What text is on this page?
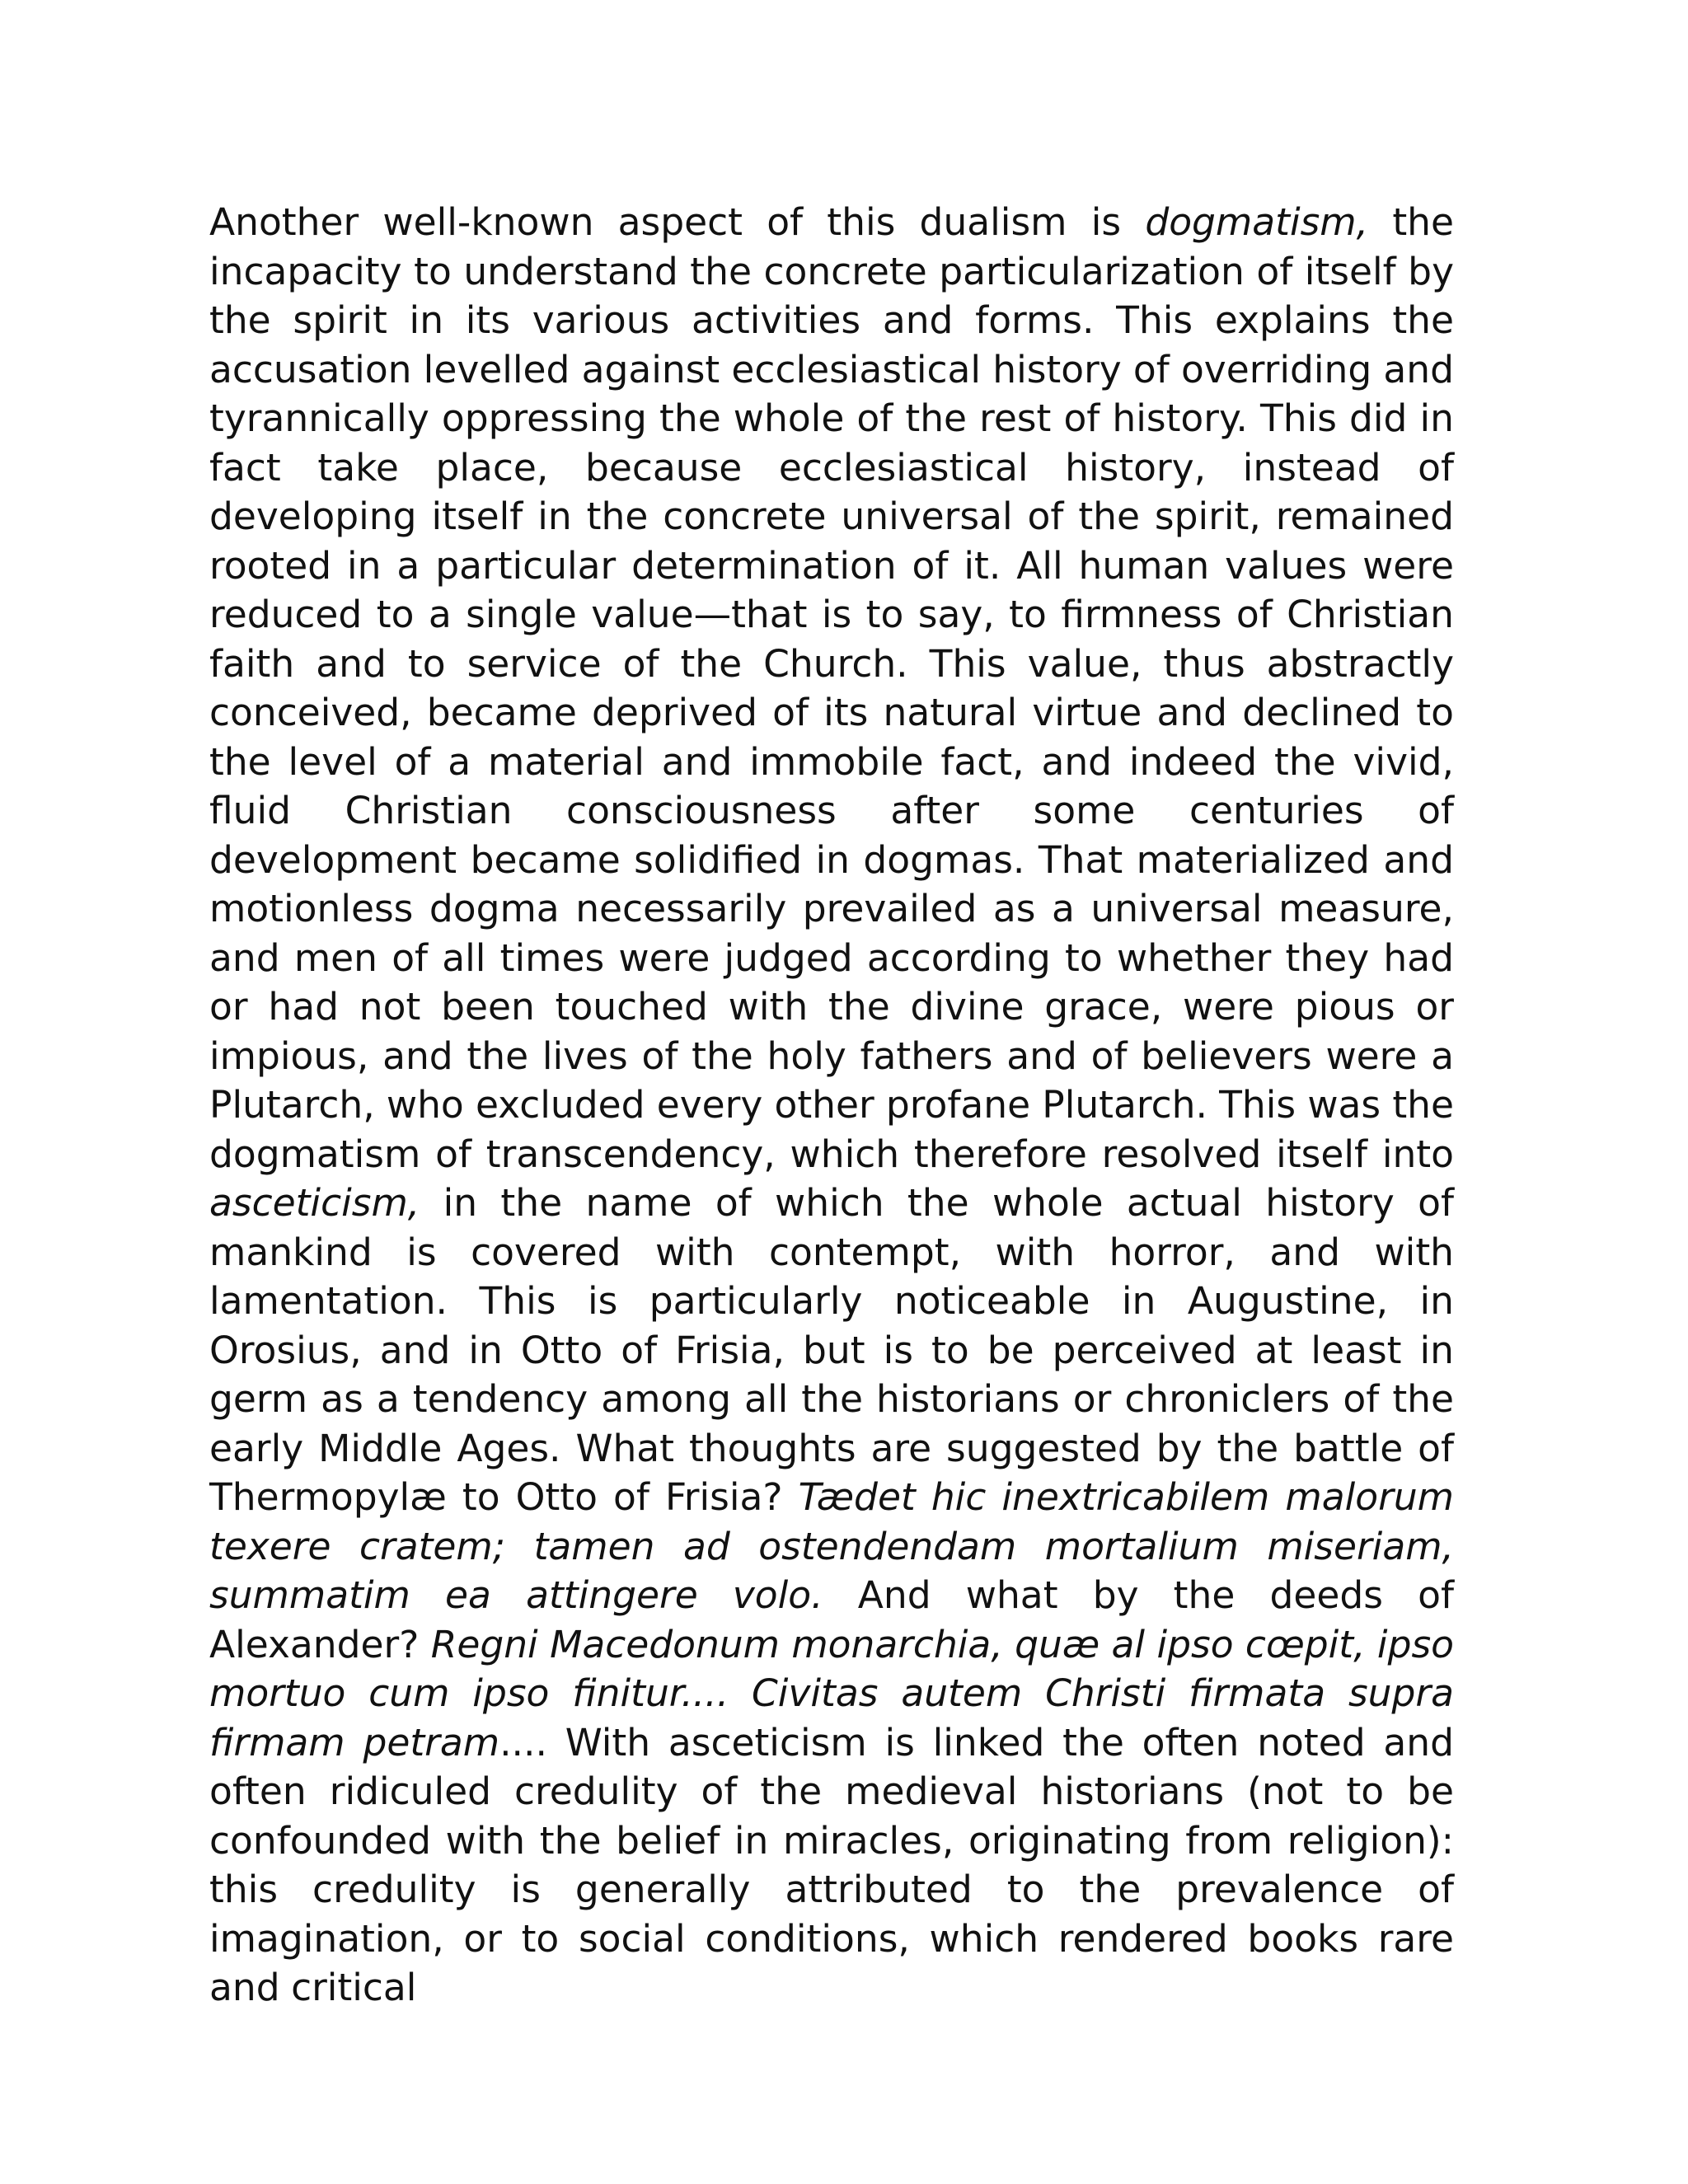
Another well-known aspect of this dualism is dogmatism, the incapacity to understand the concrete particularization of itself by the spirit in its various activities and forms. This explains the accusation levelled against ecclesiastical history of overriding and tyrannically oppressing the whole of the rest of history. This did in fact take place, because ecclesiastical history, instead of developing itself in the concrete universal of the spirit, remained rooted in a particular determination of it. All human values were reduced to a single value—that is to say, to firmness of Christian faith and to service of the Church. This value, thus abstractly conceived, became deprived of its natural virtue and declined to the level of a material and immobile fact, and indeed the vivid, fluid Christian consciousness after some centuries of development became solidified in dogmas. That materialized and motionless dogma necessarily prevailed as a universal measure, and men of all times were judged according to whether they had or had not been touched with the divine grace, were pious or impious, and the lives of the holy fathers and of believers were a Plutarch, who excluded every other profane Plutarch. This was the dogmatism of transcendency, which therefore resolved itself into asceticism, in the name of which the whole actual history of mankind is covered with contempt, with horror, and with lamentation. This is particularly noticeable in Augustine, in Orosius, and in Otto of Frisia, but is to be perceived at least in germ as a tendency among all the historians or chroniclers of the early Middle Ages. What thoughts are suggested by the battle of Thermopylæ to Otto of Frisia? Tædet hic inextricabilem malorum texere cratem; tamen ad ostendendam mortalium miseriam, summatim ea attingere volo. And what by the deeds of Alexander? Regni Macedonum monarchia, quæ al ipso cœpit, ipso mortuo cum ipso finitur.... Civitas autem Christi firmata supra firmam petram.... With asceticism is linked the often noted and often ridiculed credulity of the medieval historians (not to be confounded with the belief in miracles, originating from religion): this credulity is generally attributed to the prevalence of imagination, or to social conditions, which rendered books rare and critical
